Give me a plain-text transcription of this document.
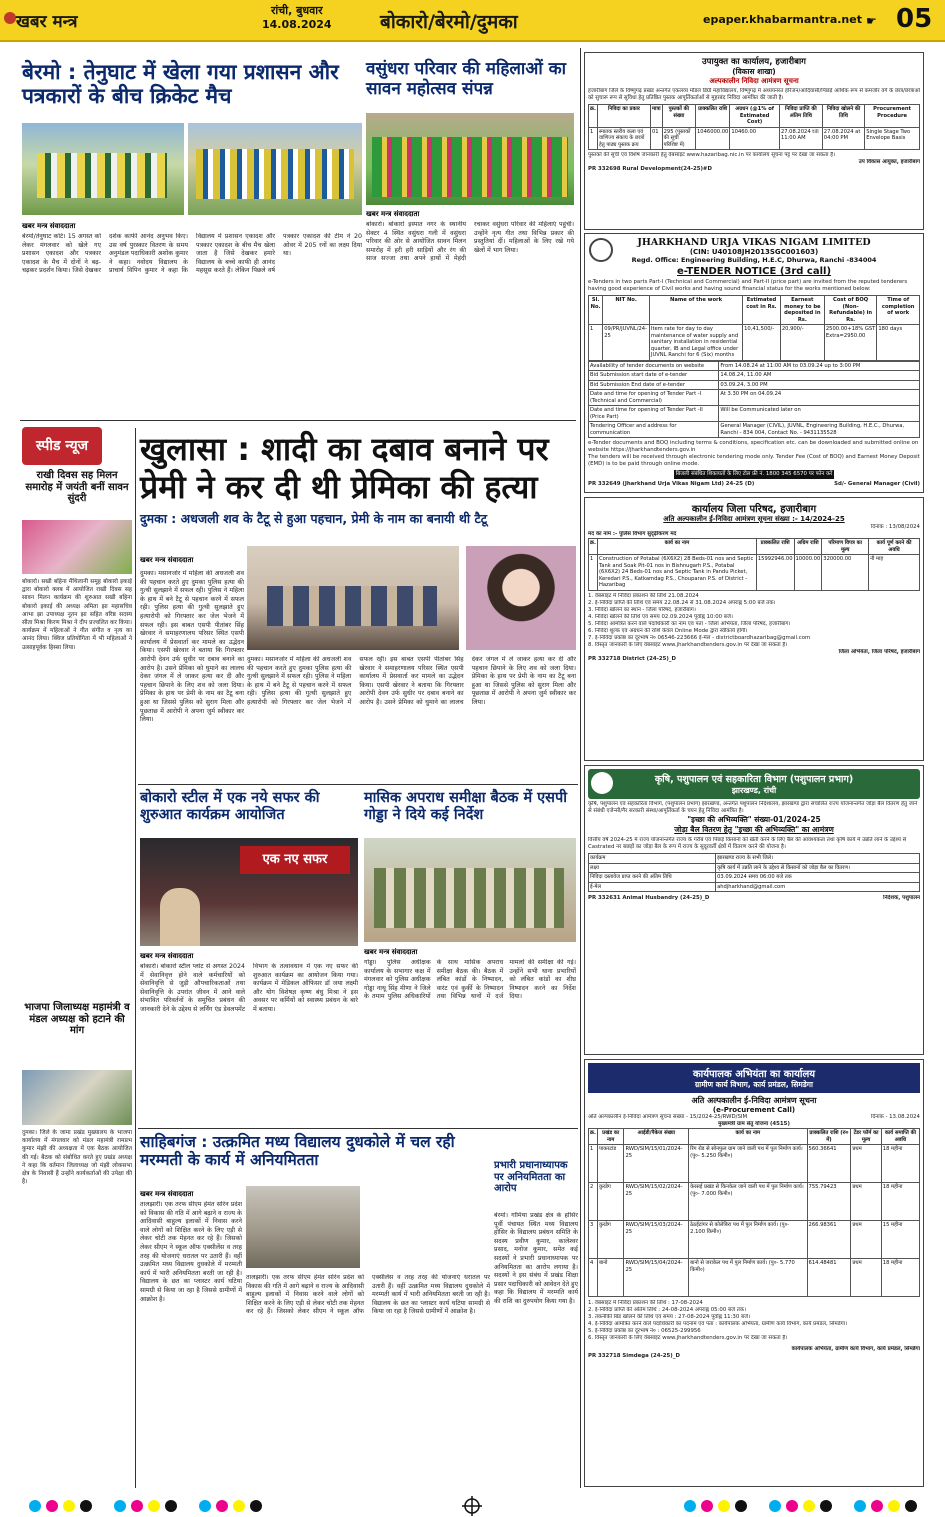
खबर मन्त्र
रांची, बुधवार
14.08.2024	बोकारो/बेरमो/दुमका	epaper.khabarmantra.net ☛ 05
बेरमो : तेनुघाट में खेला गया प्रशासन और पत्रकारों के बीच क्रिकेट मैच
खबर मन्त्र संवाददाता
बेरमो/तेनुघाट कोर्ट। 15 अगस्त को लेकर मंगलवार को खेले गए प्रशासन एकादश और पत्रकार एकादश के मैच में दोनों ने बढ़-चढ़कर प्रदर्शन किया। जिसे देखकर दर्शक काफी आनंद अनुभव किए। उस वर्ष पुरस्कार वितरण के समय अनुमंडल पदाधिकारी अशोक कुमार ने कहा। नवोदय विद्यालय के प्राचार्य विपिन कुमार ने कहा कि विद्यालय में प्रशासन एकादश और पत्रकार एकादश के बीच मैच खेला जाता है जिसे देखकर हमारे विद्यालय के बच्चे काफी ही आनंद महसूस करते हैं। लेकिन पिछले वर्ष पत्रकार एकादश की टीम ने 20 ओवर में 205 रनों का लक्ष्य दिया था।
वसुंधरा परिवार की महिलाओं का सावन महोत्सव संपन्न
खबर मन्त्र संवाददाता
बोकारो। बोकारो इस्पात नगर के स्थानीय सेक्टर 4 स्थित वसुंधरा गली में वसुंधरा परिवार की ओर से आयोजित सावन मिलन समारोह में हरी हरी साड़ियों और रंग की साज सज्जा तथा अपने हाथों में मेहंदी रचाकर वसुंधरा परिवार की महिलाएं पहुंचीं। उन्होंने नृत्य गीत तथा विभिन्न प्रकार की प्रस्तुतियां दीं। महिलाओं के लिए रखे गये खेलों में भाग लिया।
स्पीड न्यूज
राखी दिवस सह मिलन समारोह में जयंती बनीं सावन सुंदरी
बोकारो। सखी बहिना मैथिलानी समूह बोकारो इकाई द्वारा बोकारो क्लब में आयोजित राखी दिवस सह सावन मिलन कार्यक्रम की शुरुआत सखी बहिना बोकारो इकाई की अध्यक्ष अमिता झा महासचिव आभा झा उपाध्यक्ष नूतन झा सहित वरिष्ठ सदस्य सीता मिश्रा किरण मिश्रा ने दीप प्रज्वलित कर किया। कार्यक्रम में महिलाओं ने गीत संगीत व नृत्य का आनंद लिया। क्विज प्रतियोगिता में भी महिलाओं ने उत्साहपूर्वक हिस्सा लिया।
भाजपा जिलाध्यक्ष महामंत्री व मंडल अध्यक्ष को हटाने की मांग
दुमका। जिले के जामा प्रखंड मुख्यालय के भाजपा कार्यालय में मंगलवार को मंडल महामंत्री रामप्रभ कुमार मंझी की अध्यक्षता में एक बैठक आयोजित की गई। बैठक को संबोधित करते हुए प्रखंड अध्यक्ष ने कहा कि वर्तमान जिलाध्यक्ष जो मंझी लोकसभा क्षेत्र के निवासी हैं उन्होंने कार्यकर्ताओं की उपेक्षा की है।
खुलासा : शादी का दबाव बनाने पर प्रेमी ने कर दी थी प्रेमिका की हत्या
दुमका : अधजली शव के टैटू से हुआ पहचान, प्रेमी के नाम का बनायी थी टैटू
खबर मन्त्र संवाददाता
दुमका। मसानजोर में महिला की अधजली शव की पहचान करते हुए दुमका पुलिस हत्या की गुत्थी सुलझाने में सफल रही। पुलिस ने महिला के हाथ में बने टैटू से पहचान करने में सफल रही। पुलिस हत्या की गुत्थी सुलझाते हुए हत्यारोपी को गिरफ्तार कर जेल भेजने में सफल रही। इस बाबत एसपी पीतांबर सिंह खेरवार ने समाहरणालय परिसर स्थित एसपी कार्यालय में प्रेसवार्ता कर मामले का उद्भेदन किया। एसपी खेरवार ने बताया कि गिरफ्तार आरोपी देवन उर्फ सुधीर पर दबाव बनाने का आरोप है। उसने प्रेमिका को घुमाने का लालच देकर जंगल में ले जाकर हत्या कर दी और पहचान छिपाने के लिए शव को जला दिया। प्रेमिका के हाथ पर प्रेमी के नाम का टैटू बना हुआ था जिससे पुलिस को सुराग मिला और पूछताछ में आरोपी ने अपना जुर्म स्वीकार कर लिया।
दुमका। मसानजोर में महिला की अधजली शव की पहचान करते हुए दुमका पुलिस हत्या की गुत्थी सुलझाने में सफल रही। पुलिस ने महिला के हाथ में बने टैटू से पहचान करने में सफल रही। पुलिस हत्या की गुत्थी सुलझाते हुए हत्यारोपी को गिरफ्तार कर जेल भेजने में सफल रही। इस बाबत एसपी पीतांबर सिंह खेरवार ने समाहरणालय परिसर स्थित एसपी कार्यालय में प्रेसवार्ता कर मामले का उद्भेदन किया। एसपी खेरवार ने बताया कि गिरफ्तार आरोपी देवन उर्फ सुधीर पर दबाव बनाने का आरोप है। उसने प्रेमिका को घुमाने का लालच देकर जंगल में ले जाकर हत्या कर दी और पहचान छिपाने के लिए शव को जला दिया। प्रेमिका के हाथ पर प्रेमी के नाम का टैटू बना हुआ था जिससे पुलिस को सुराग मिला और पूछताछ में आरोपी ने अपना जुर्म स्वीकार कर लिया।
बोकारो स्टील में एक नये सफर की शुरुआत कार्यक्रम आयोजित
एक नए सफर
खबर मन्त्र संवाददाता
बोकारो। बोकारो स्टील प्लांट से अगस्त 2024 में सेवानिवृत्त होने वाले कर्मचारियों को सेवानिवृत्ति से जुड़ी औपचारिकताओं तथा सेवानिवृत्ति के उपरांत जीवन में आने वाले संभावित परिवर्तनों के समुचित प्रबंधन की जानकारी देने के उद्देश्य से लर्निंग एंड डेवलपमेंट विभाग के तत्वावधान में एक नए सफर की शुरुआत कार्यक्रम का आयोजन किया गया। कार्यक्रम में मेडिकल ऑफिसर डॉ जया लक्ष्मी और योग विशेषज्ञ कृष्ण बंधु मिश्रा ने इस अवसर पर कर्मियों को स्वास्थ्य प्रबंधन के बारे में बताया।
मासिक अपराध समीक्षा बैठक में एसपी गोड्डा ने दिये कई निर्देश
खबर मन्त्र संवाददाता
गोड्डा। पुलिस अधीक्षक कार्यालय के सभागार कक्ष में मंगलवार को पुलिस अधीक्षक गोड्डा नाथू सिंह मीणा ने जिले के तमाम पुलिस अधिकारियों के साथ मासिक अपराध समीक्षा बैठक की। बैठक में लंबित कांडों के निष्पादन, वारंट एवं कुर्की के निष्पादन तथा विभिन्न थानों में दर्ज मामलों की समीक्षा की गई। उन्होंने सभी थाना प्रभारियों को लंबित कांडों का शीघ्र निष्पादन करने का निर्देश दिया।
साहिबगंज : उत्क्रमित मध्य विद्यालय दुधकोले में चल रही मरम्मती के कार्य में अनियमितता
खबर मन्त्र संवाददाता
तालझारी। एक तरफ सीएम हेमंत सोरेन प्रदेश को विकास की गति में आगे बढ़ाने व राज्य के आदिवासी बाहुल्य इलाकों में निवास करने वाले लोगों को शिक्षित करने के लिए एड़ी से लेकर चोटी तक मेहनत कर रहे हैं। जिसको लेकर सीएम ने स्कूल ऑफ एक्सीलेंस व तरह तरह की योजनाएं धरातल पर उतारी हैं। वहीं उत्क्रमित मध्य विद्यालय दुधकोले में मरम्मती कार्य में भारी अनियमितता बरती जा रही है। विद्यालय के छत का प्लास्टर कार्य घटिया सामग्री से किया जा रहा है जिससे ग्रामीणों में आक्रोश है।
तालझारी। एक तरफ सीएम हेमंत सोरेन प्रदेश को विकास की गति में आगे बढ़ाने व राज्य के आदिवासी बाहुल्य इलाकों में निवास करने वाले लोगों को शिक्षित करने के लिए एड़ी से लेकर चोटी तक मेहनत कर रहे हैं। जिसको लेकर सीएम ने स्कूल ऑफ एक्सीलेंस व तरह तरह की योजनाएं धरातल पर उतारी हैं। वहीं उत्क्रमित मध्य विद्यालय दुधकोले में मरम्मती कार्य में भारी अनियमितता बरती जा रही है। विद्यालय के छत का प्लास्टर कार्य घटिया सामग्री से किया जा रहा है जिससे ग्रामीणों में आक्रोश है।
प्रभारी प्रधानाध्यापक पर अनियमितता का आरोप
बेरमो। गोमिया प्रखंड क्षेत्र के होसिर पूर्वी पंचायत स्थित मध्य विद्यालय होसिर के विद्यालय प्रबंधन समिति के सदस्य प्रवीण कुमार, कालेश्वर प्रसाद, मनोज कुमार, समेत कई सदस्यों ने प्रभारी प्रधानाध्यापक पर अनियमितता का आरोप लगाया है। सदस्यों ने इस संबंध में प्रखंड शिक्षा प्रसार पदाधिकारी को आवेदन देते हुए कहा कि विद्यालय में मरम्मति कार्य की राशि का दुरुपयोग किया गया है।
उपायुक्त का कार्यालय, हजारीबाग
(विकास शाखा)
अल्पकालीन निविदा आमंत्रण सूचना
हजारीबाग जिले के विष्णुगढ़ प्रखंड अन्तर्गत एकलव्य मॉडल डिग्री महाविद्यालय, विष्णुगढ़ में अध्ययनरत हरिजन/आदिवासी/पिछड़े आर्थिक रूप से कमजोर वर्ग के छात्र/छात्राओं को सुचारू रूप से सुविधा हेतु प्रतिष्ठित पुस्तक आपूर्तिकर्ताओं से मुहरबंद निविदा आमंत्रित की जाती है।
क्र.	निविदा का प्रकार	मात्रा	पुस्तकों की संख्या	प्राक्कलित राशि	अग्रधन (@1% of Estimated Cost)	निविदा प्राप्ति की अंतिम तिथि	निविदा खोलने की तिथि	Procurement Procedure
1	स्नातक स्तरीय कला एवं वाणिज्य संकाय के छात्रों हेतु पाठ्य पुस्तक क्रय	01	295 (पुस्तकों की सूची परिशिष्ट में)	1046000.00	10460.00	27.08.2024 till 11:00 AM	27.08.2024 at 04:00 PM	Single Stage Two Envelope Basis
पुस्तकों की सूची एवं विशेष जानकारी हेतु वेबसाइट www.hazaribag.nic.in पर कार्यालय सूचना पट्ट पर देखा जा सकता है।
उप विकास आयुक्त, हजारीबाग
PR 332698 Rural Development(24-25)#D
JHARKHAND URJA VIKAS NIGAM LIMITED
(CIN: U40108JH2013SGC001603)
Regd. Office: Engineering Building, H.E.C, Dhurwa, Ranchi -834004
e-TENDER NOTICE (3rd call)
e-Tenders in two parts Part-I (Technical and Commercial) and Part-II (price part) are invited from the reputed tenderers having good experience of Civil works and having sound financial status for the works mentioned below:
Sl. No.	NIT No.	Name of the work	Estimated cost in Rs.	Earnest money to be deposited in Rs.	Cost of BOQ (Non-Refundable) in Rs.	Time of completion of work
1	09/PR/JUVNL/24-25	Item rate for day to day maintenance of water supply and sanitary installation in residential quarter, IB and Legal office under JUVNL Ranchi for 6 (Six) months	10,41,500/-	20,900/-	2500.00+18% GST Extra=2950.00	180 days
Availability of tender documents on website	From 14.08.24 at 11:00 AM to 03.09.24 up to 3:00 PM
Bid Submission start date of e-tender	14.08.24, 11.00 AM
Bid Submission End date of e-tender	03.09.24, 3.00 PM
Date and time for opening of Tender Part -I (Technical and Commercial)	At 3.30 PM on 04.09.24
Date and time for opening of Tender Part -II (Price Part)	Will be Communicated later on
Tendering Officer and address for communication	General Manager (CIVIL), JUVNL, Engineering Building, H.E.C., Dhurwa, Ranchi - 834 004, Contact No. - 9431135528
e-Tender documents and BOQ including terms & conditions, specification etc. can be downloaded and submitted online on website https://jharkhandtenders.gov.in
The tenders will be received through electronic tendering mode only. Tender Fee (Cost of BOQ) and Earnest Money Deposit (EMD) is to be paid through online mode.
बिजली संबंधित शिकायतों के लिए टोल फ्री नं. 1800 345 6570 पर फोन करें
PR 332649 (Jharkhand Urja Vikas Nigam Ltd) 24-25 (D)	Sd/- General Manager (Civil)
कार्यालय जिला परिषद, हजारीबाग
अति अल्पकालीन ई-निविदा आमंत्रण सूचना संख्या :- 14/2024-25
दिनांक : 13/08/2024
मद का नाम :- पुलिस विभाग सुदृढ़ीकरण मद
क्र.	कार्य का नाम	प्राक्कलित राशि	अग्रिम राशि	परिमाण विपत्र का मूल्य	कार्य पूर्ण करने की अवधि
1	Construction of Potabal (6X6X2) 28 Beds-01 nos and Septic Tank and Soak Pit-01 nos in Bishnugarh P.S., Potabal (6X6X2) 24 Beds-01 nos and Septic Tank in Pandu Picket, Keredari P.S., Katkamdag P.S., Chouparan P.S. of District - Hazaribag	15992946.00	10000.00	320000.00	नौ माह
1. वेबसाइट में निविदा प्रकाशन की तिथि 21.08.2024
2. ई-निविदा प्राप्ति की तिथि एवं समय 22.08.24 से 31.08.2024 अपराह्न 5:00 बजे तक।
3. निविदा खोलने का स्थान - जिला परिषद, हजारीबाग।
4. निविदा खोलने की तिथि एवं समय 02.09.2024 पूर्वाह्न 10:00 बजे।
5. निविदा आमंत्रित करने वाले पदाधिकारी का नाम एवं पता - जिला अभियंता, जिला परिषद, हजारीबाग।
6. निविदा शुल्क एवं अग्रधन की राशि केवल Online Mode द्वारा स्वीकार्य होगी।
7. ई-निविदा प्रकोष्ठ का दूरभाष नं० 06546-223666 ई-मेल - districtboardhazaribag@gmail.com
8. विस्तृत जानकारी के लिए वेबसाइट www.jharkhandtenders.gov.in पर देखा जा सकता है।
जिला अभियंता, जिला परिषद, हजारीबाग
PR 332718 District (24-25)_D
कृषि, पशुपालन एवं सहकारिता विभाग (पशुपालन प्रभाग)
झारखण्ड, रांची
कृषि, पशुपालन एवं सहकारिता विभाग, (पशुपालन प्रभाग) झारखण्ड, अन्तर्गत पशुपालन निदेशालय, झारखण्ड द्वारा संचालित राज्य योजनान्तर्गत जोड़ा बैल वितरण हेतु जाने से संबंधी एजेन्सी/गैर सरकारी संस्था/आपूर्तिकर्ता के चयन हेतु निविदा आमंत्रित है।
"इच्छा की अभिव्यक्ति" संख्या-01/2024-25
जोड़ा बैल वितरण हेतु "इच्छा की अभिव्यक्ति" का आमंत्रण
वित्तीय वर्ष 2024-25 में राज्य योजनान्तर्गत राज्य के गरीब एवं पिछड़े किसानों को खेती करने के लिए बैल की आवश्यकता तथा कृषि कार्य में उन्नति लाने के उद्देश्य से Castrated नर बछड़ों का जोड़ा बैल के रूप में राज्य के सुदूरवर्ती क्षेत्रों में वितरण करने की योजना है।
कार्यक्रम	झारखण्ड राज्य के सभी जिले।
लक्ष्य	कृषि कार्य में उन्नति लाने के उद्देश्य से किसानों को जोड़ा बैल का वितरण।
निविदा दस्तावेज प्राप्त करने की अंतिम तिथि	03.09.2024 समय 06:00 बजे तक
ई-मेल	ahdjharkhand@gmail.com
PR 332631 Animal Husbandry (24-25)_D	निदेशक, पशुपालन
कार्यपालक अभियंता का कार्यालय
ग्रामीण कार्य विभाग, कार्य प्रमंडल, सिमडेगा
अति अल्पकालीन ई-निविदा आमंत्रण सूचना
(e-Procurement Call)
अति अल्पकालीन ई-निविदा आमंत्रण सूचना संख्या - 15/2024-25/RWD/SIM	दिनांक - 13.08.2024
मुख्यमंत्री ग्राम सेतु योजना (4515)
क्र.	प्रखंड का नाम	आईडी/पैकेज संख्या	कार्य का नाम	प्राक्कलित राशि (रु० में)	टेंडर फॉर्म का मूल्य	कार्य समाप्ति की अवधि
1	पाकरटांड	RWD/SIM/15/01/2024-25	रिंग रोड से सोनफुल ग्राम जाने वाली पथ में पुल निर्माण कार्य। (पु०- 5.250 किमी०)	560.36641	प्रथम	18 महीना
2	कुरडेग	RWD/SIM/15/02/2024-25	केरसई प्रखंड से किनकेल जाने वाली पथ में पुल निर्माण कार्य। (पु०- 7.000 किमी०)	755.79423	प्रथम	18 महीना
3	कुरडेग	RWD/SIM/15/03/2024-25	ठेठईटांगर से कोलेबिरा पथ में पुल निर्माण कार्य। (पु०- 2.100 किमी०)	266.98361	प्रथम	15 महीना
4	बानो	RWD/SIM/15/04/2024-25	बानो से जराकेल पथ में पुल निर्माण कार्य। (पु०- 5.770 किमी०)	614.48481	प्रथम	18 महीना
1. वेबसाइट में निविदा प्रकाशन की तिथि : 17-08-2024
2. ई-निविदा प्राप्ति की अंतिम तिथि : 24-08-2024 अपराह्न 05:00 बजे तक।
3. तकनीकी बिड खोलने की तिथि एवं समय : 27-08-2024 पूर्वाह्न 11:30 बजे।
4. ई-निविदा आमंत्रित करने वाले पदाधिकारी का पदनाम एवं पता : कार्यपालक अभियंता, ग्रामीण कार्य विभाग, कार्य प्रमंडल, सिमडेगा।
5. ई-निविदा प्रकोष्ठ का दूरभाष नं० : 06525-299956
6. विस्तृत जानकारी के लिए वेबसाइट www.jharkhandtenders.gov.in पर देखा जा सकता है।
कार्यपालक अभियंता, ग्रामीण कार्य विभाग, कार्य प्रमंडल, सिमडेगा
PR 332718 Simdega (24-25)_D
